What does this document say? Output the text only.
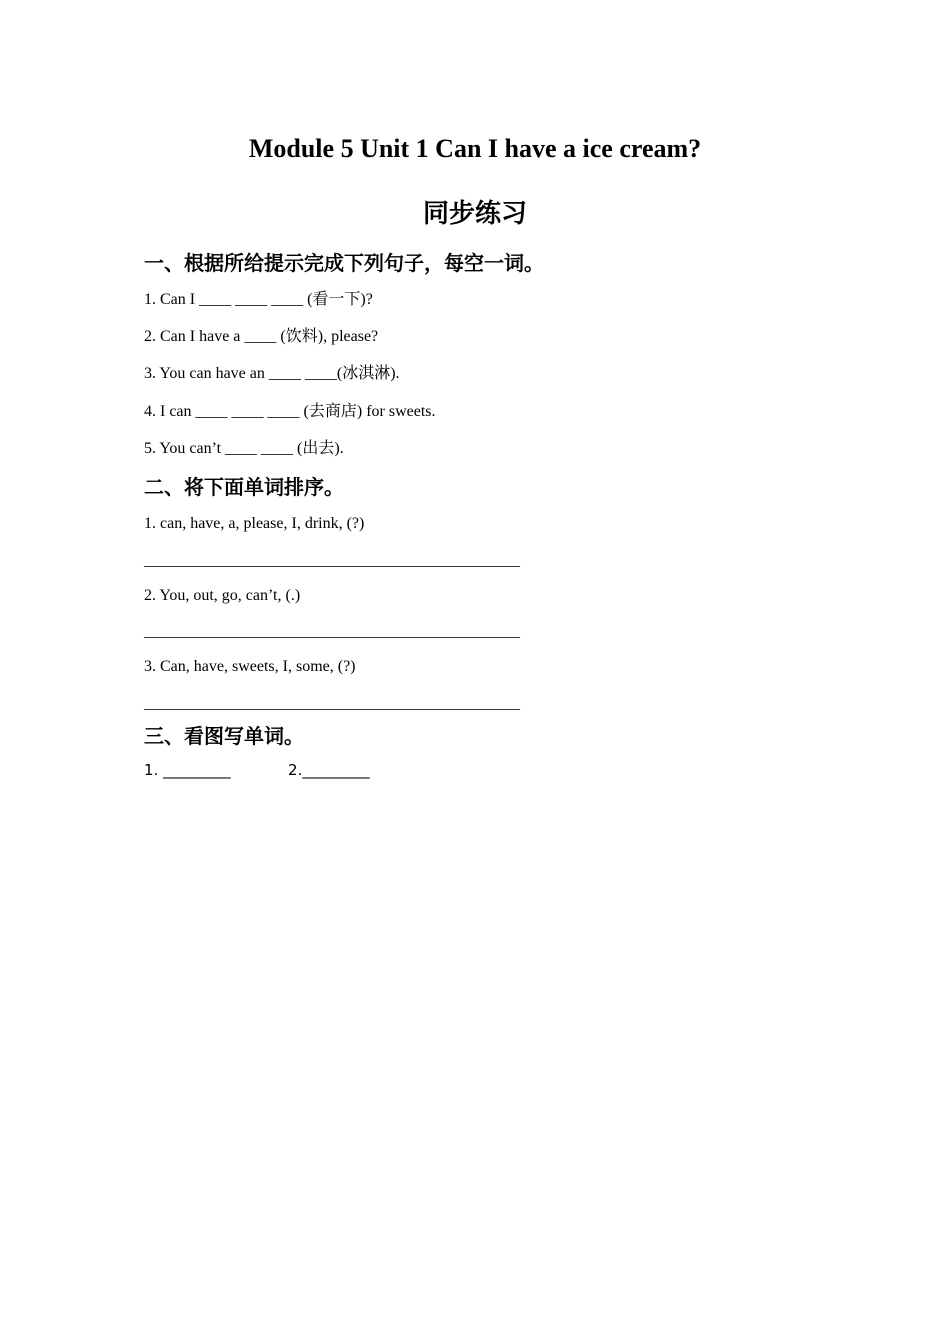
Module 5 Unit 1 Can I have a ice cream?
同步练习
一、根据所给提示完成下列句子，每空一词。
1. Can I ____ ____ ____ (看一下)?
2. Can I have a ____ (饮料), please?
3. You can have an ____ ____(冰淇淋).
4. I can ____ ____ ____ (去商店) for sweets.
5. You can’t ____ ____ (出去).
二、将下面单词排序。
1. can, have, a, please, I, drink, (?)
_______________________________________________
2. You, out, go, can’t, (.)
_______________________________________________
3. Can, have, sweets, I, some, (?)
_______________________________________________
三、看图写单词。
1. _________	2._________
